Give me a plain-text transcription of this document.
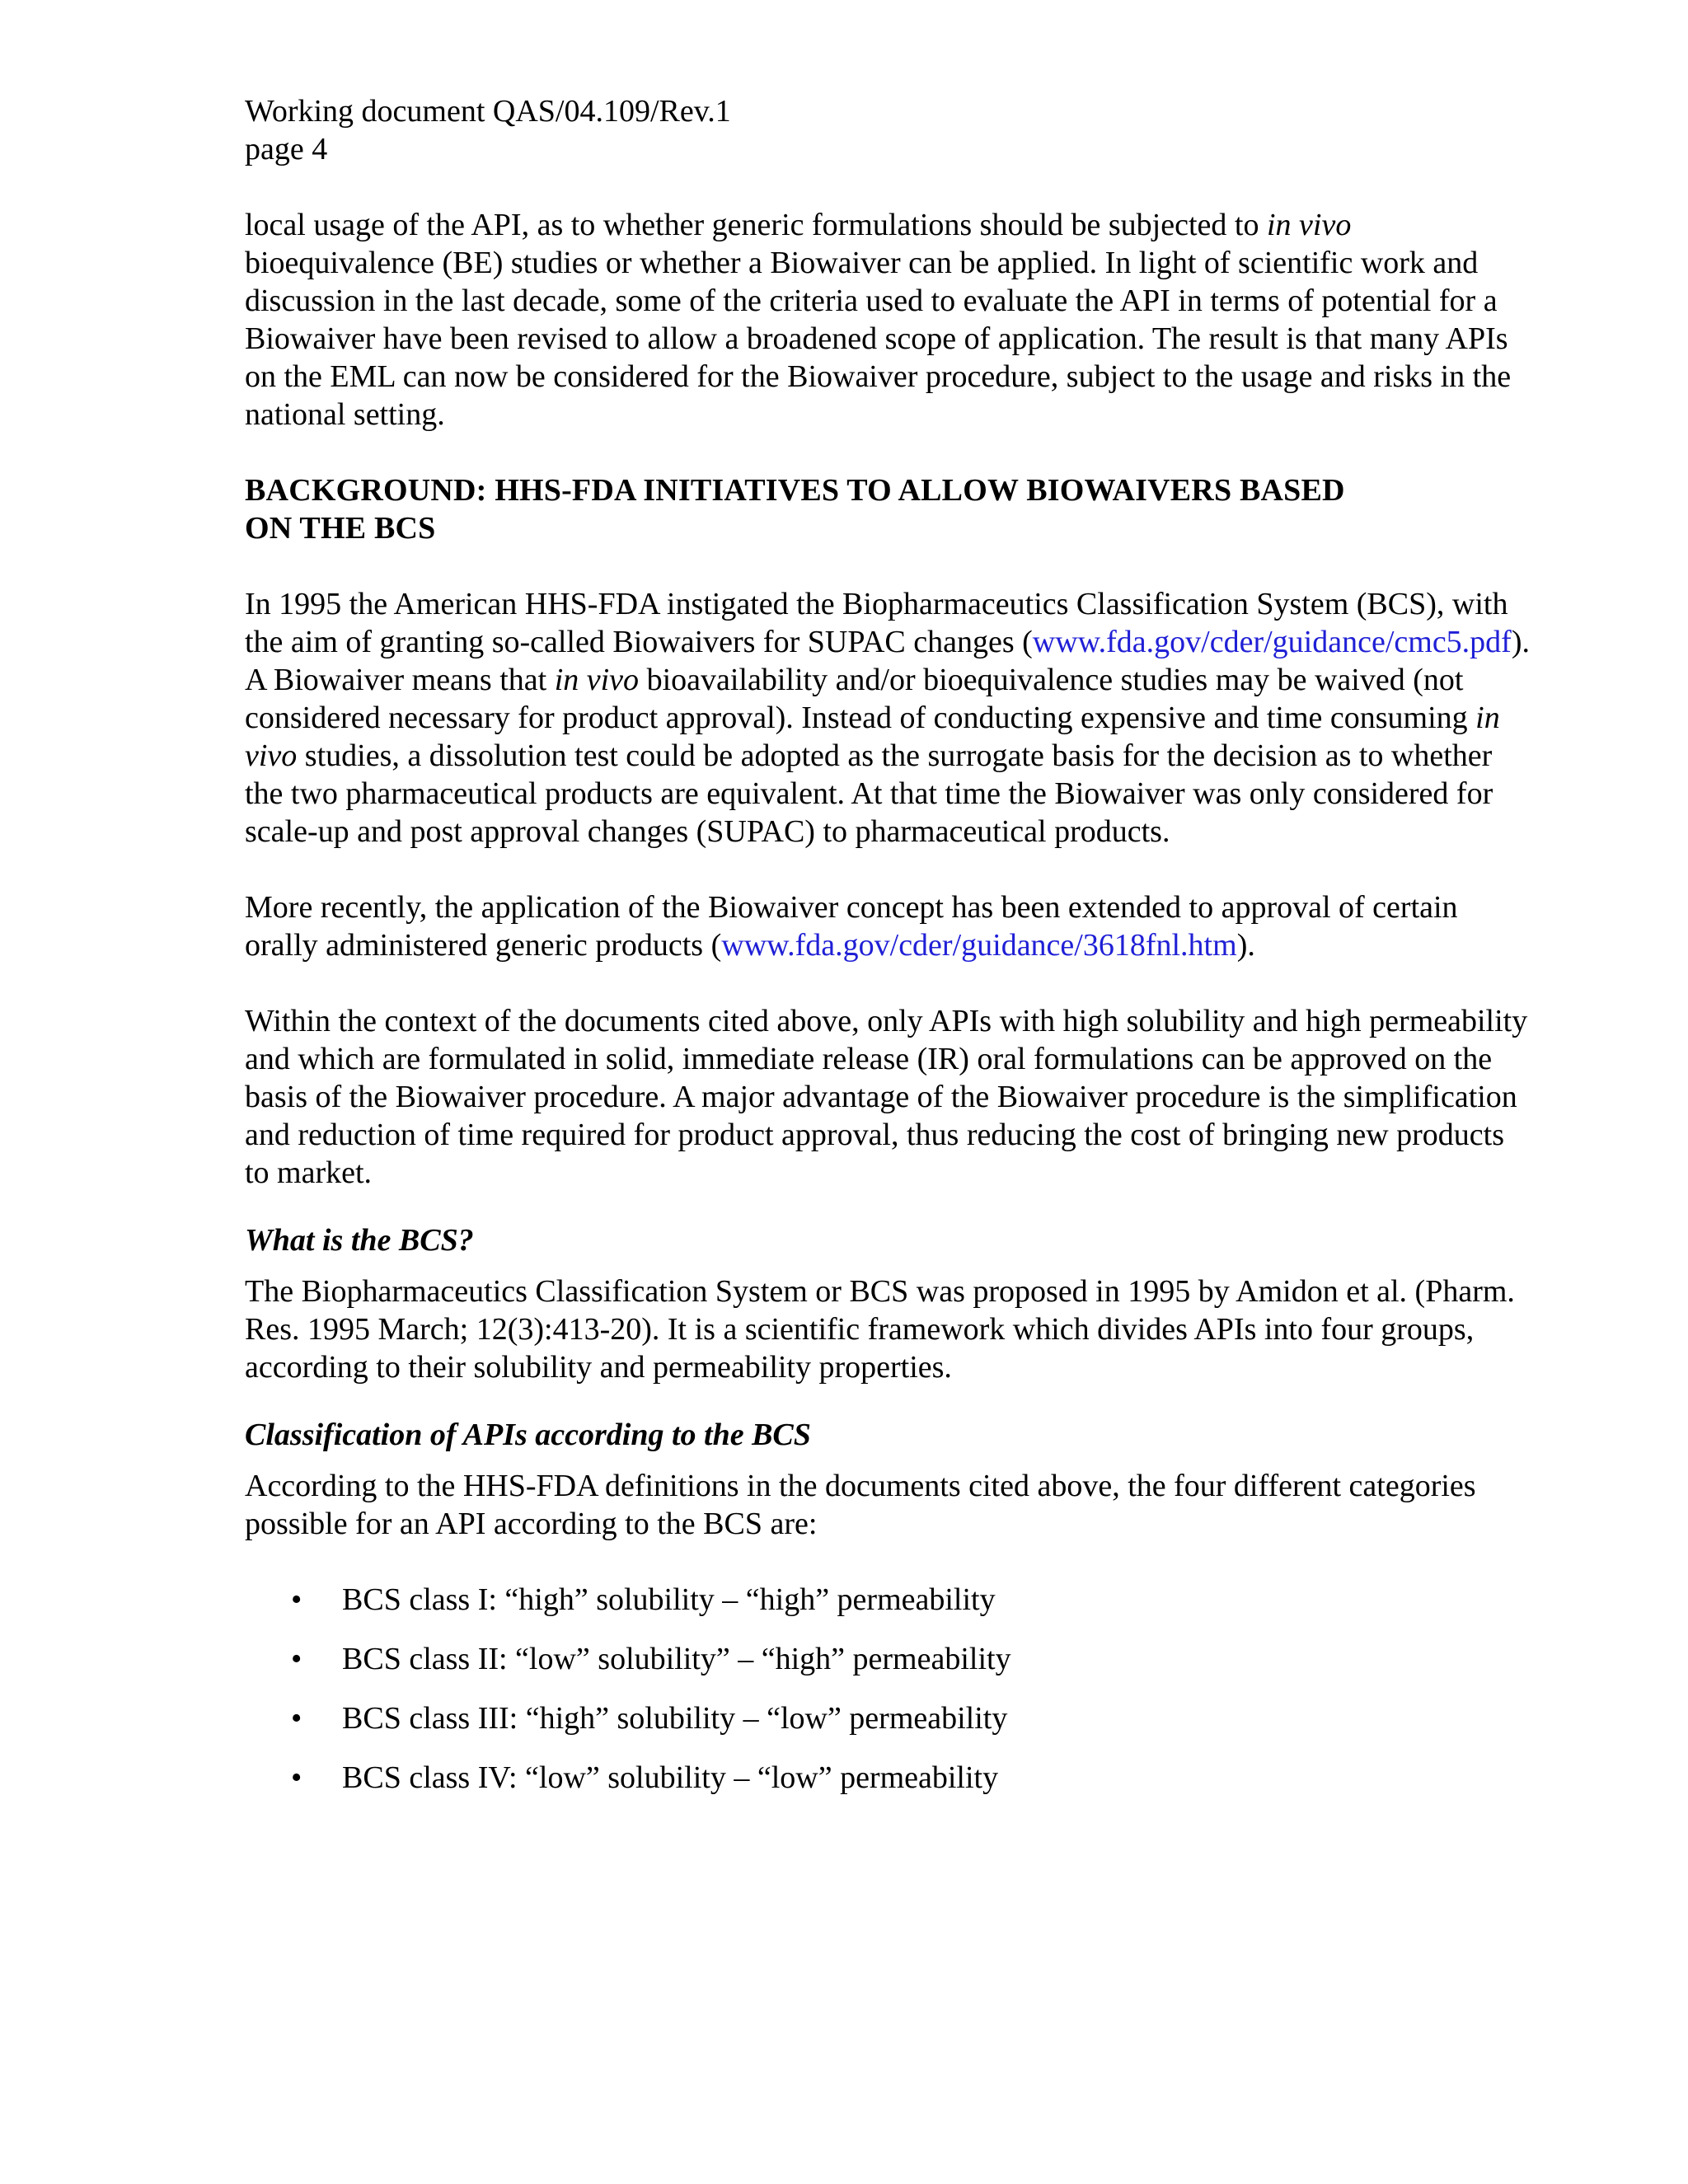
Working document QAS/04.109/Rev.1

page 4

local usage of the API, as to whether generic formulations should be subjected to in vivo bioequivalence (BE) studies or whether a Biowaiver can be applied. In light of scientific work and discussion in the last decade, some of the criteria used to evaluate the API in terms of potential for a Biowaiver have been revised to allow a broadened scope of application. The result is that many APIs on the EML can now be considered for the Biowaiver procedure, subject to the usage and risks in the national setting.

BACKGROUND: HHS-FDA INITIATIVES TO ALLOW BIOWAIVERS BASED

ON THE BCS

In 1995 the American HHS-FDA instigated the Biopharmaceutics Classification System (BCS), with the aim of granting so-called Biowaivers for SUPAC changes (www.fda.gov/cder/guidance/cmc5.pdf). A Biowaiver means that in vivo bioavailability and/or bioequivalence studies may be waived (not considered necessary for product approval). Instead of conducting expensive and time consuming in vivo studies, a dissolution test could be adopted as the surrogate basis for the decision as to whether the two pharmaceutical products are equivalent. At that time the Biowaiver was only considered for scale-up and post approval changes (SUPAC) to pharmaceutical products.

More recently, the application of the Biowaiver concept has been extended to approval of certain orally administered generic products (www.fda.gov/cder/guidance/3618fnl.htm).

Within the context of the documents cited above, only APIs with high solubility and high permeability and which are formulated in solid, immediate release (IR) oral formulations can be approved on the basis of the Biowaiver procedure. A major advantage of the Biowaiver procedure is the simplification and reduction of time required for product approval, thus reducing the cost of bringing new products to market.

What is the BCS?

The Biopharmaceutics Classification System or BCS was proposed in 1995 by Amidon et al. (Pharm. Res. 1995 March; 12(3):413-20). It is a scientific framework which divides APIs into four groups, according to their solubility and permeability properties.

Classification of APIs according to the BCS

According to the HHS-FDA definitions in the documents cited above, the four different categories possible for an API according to the BCS are:

• BCS class I: “high” solubility – “high” permeability
• BCS class II: “low” solubility” – “high” permeability
• BCS class III: “high” solubility – “low” permeability
• BCS class IV: “low” solubility – “low” permeability
